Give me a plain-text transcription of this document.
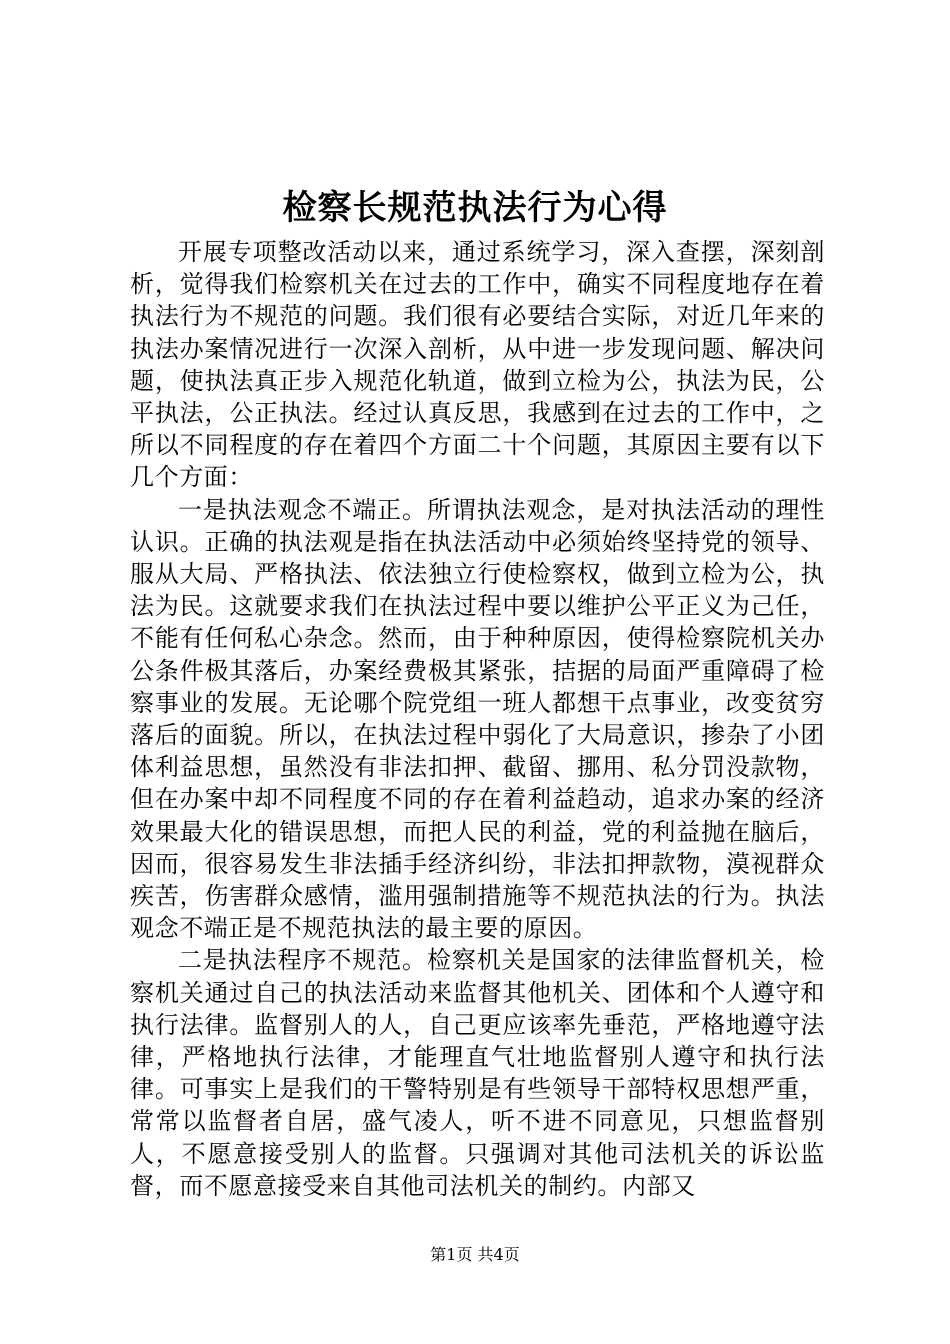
检察长规范执法行为心得

开展专项整改活动以来，通过系统学习，深入查摆，深刻剖析，觉得我们检察机关在过去的工作中，确实不同程度地存在着执法行为不规范的问题。我们很有必要结合实际，对近几年来的执法办案情况进行一次深入剖析，从中进一步发现问题、解决问题，使执法真正步入规范化轨道，做到立检为公，执法为民，公平执法，公正执法。经过认真反思，我感到在过去的工作中，之所以不同程度的存在着四个方面二十个问题，其原因主要有以下几个方面：

一是执法观念不端正。所谓执法观念，是对执法活动的理性认识。正确的执法观是指在执法活动中必须始终坚持党的领导、服从大局、严格执法、依法独立行使检察权，做到立检为公，执法为民。这就要求我们在执法过程中要以维护公平正义为己任，不能有任何私心杂念。然而，由于种种原因，使得检察院机关办公条件极其落后，办案经费极其紧张，拮据的局面严重障碍了检察事业的发展。无论哪个院党组一班人都想干点事业，改变贫穷落后的面貌。所以，在执法过程中弱化了大局意识，掺杂了小团体利益思想，虽然没有非法扣押、截留、挪用、私分罚没款物，但在办案中却不同程度不同的存在着利益趋动，追求办案的经济效果最大化的错误思想，而把人民的利益，党的利益抛在脑后，因而，很容易发生非法插手经济纠纷，非法扣押款物，漠视群众疾苦，伤害群众感情，滥用强制措施等不规范执法的行为。执法观念不端正是不规范执法的最主要的原因。

二是执法程序不规范。检察机关是国家的法律监督机关，检察机关通过自己的执法活动来监督其他机关、团体和个人遵守和执行法律。监督别人的人，自己更应该率先垂范，严格地遵守法律，严格地执行法律，才能理直气壮地监督别人遵守和执行法律。可事实上是我们的干警特别是有些领导干部特权思想严重，常常以监督者自居，盛气凌人，听不进不同意见，只想监督别人，不愿意接受别人的监督。只强调对其他司法机关的诉讼监督，而不愿意接受来自其他司法机关的制约。内部又

第1页 共4页
